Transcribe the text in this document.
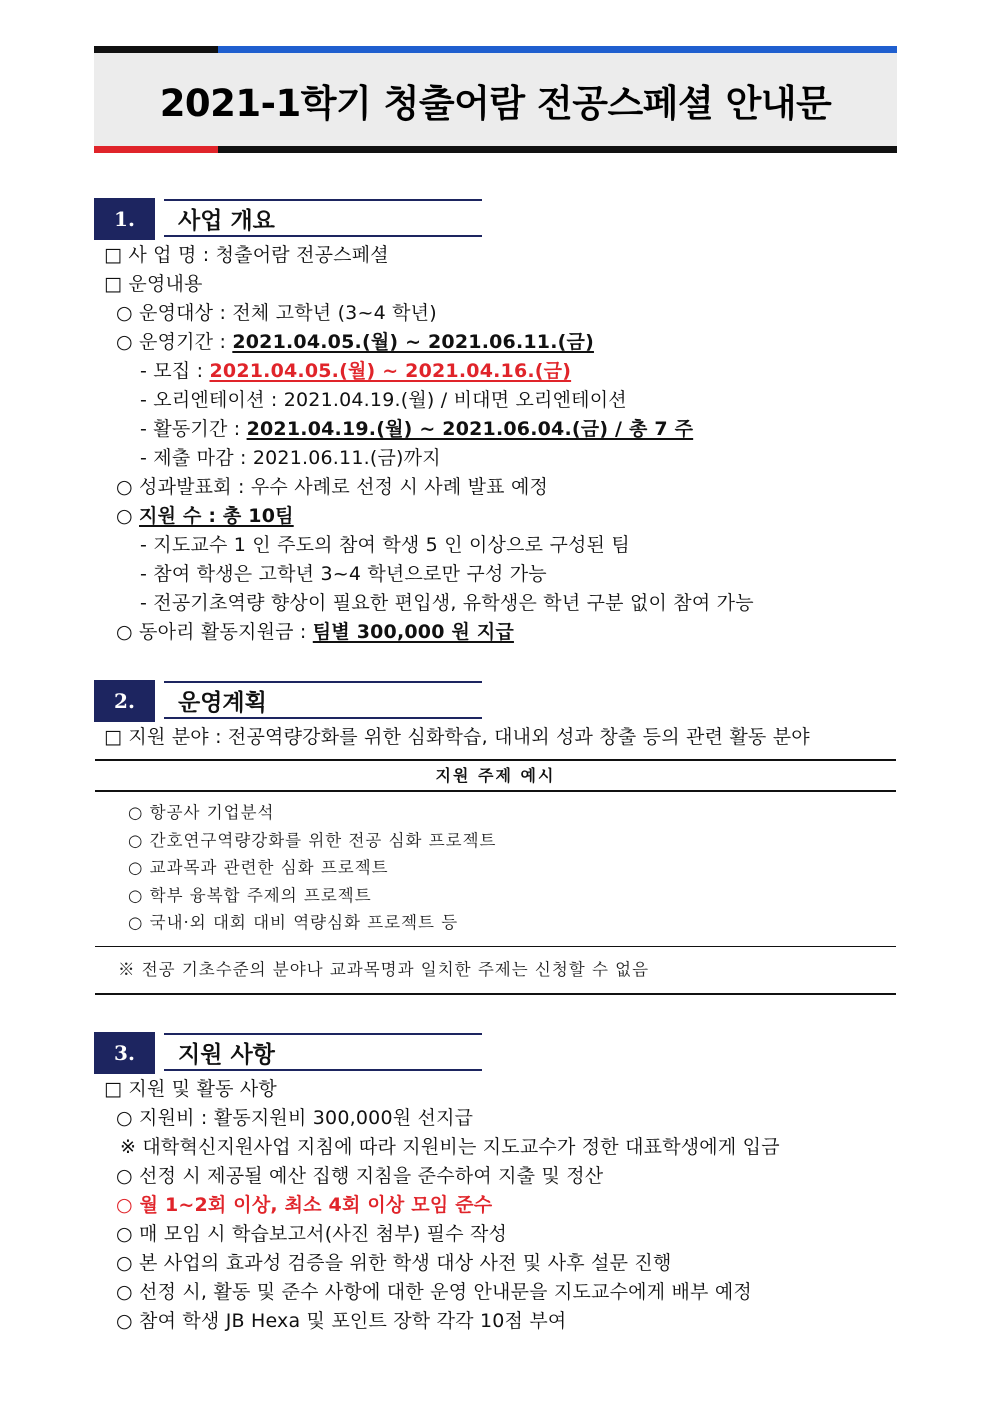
2021-1학기 청출어람 전공스페셜 안내문
1.	사업 개요
□ 사 업 명 : 청출어람 전공스페셜
□ 운영내용
○ 운영대상 : 전체 고학년 (3~4 학년)
○ 운영기간 : 2021.04.05.(월) ~ 2021.06.11.(금)
- 모집 : 2021.04.05.(월) ~ 2021.04.16.(금)
- 오리엔테이션 : 2021.04.19.(월) / 비대면 오리엔테이션
- 활동기간 : 2021.04.19.(월) ~ 2021.06.04.(금) / 총 7 주
- 제출 마감 : 2021.06.11.(금)까지
○ 성과발표회 : 우수 사례로 선정 시 사례 발표 예정
○ 지원 수 : 총 10팀
- 지도교수 1 인 주도의 참여 학생 5 인 이상으로 구성된 팀
- 참여 학생은 고학년 3~4 학년으로만 구성 가능
- 전공기초역량 향상이 필요한 편입생, 유학생은 학년 구분 없이 참여 가능
○ 동아리 활동지원금 : 팀별 300,000 원 지급
2.	운영계획
□ 지원 분야 : 전공역량강화를 위한 심화학습, 대내외 성과 창출 등의 관련 활동 분야
지원 주제 예시
○ 항공사 기업분석
○ 간호연구역량강화를 위한 전공 심화 프로젝트
○ 교과목과 관련한 심화 프로젝트
○ 학부 융복합 주제의 프로젝트
○ 국내·외 대회 대비 역량심화 프로젝트 등
※ 전공 기초수준의 분야나 교과목명과 일치한 주제는 신청할 수 없음
3.	지원 사항
□ 지원 및 활동 사항
○ 지원비 : 활동지원비 300,000원 선지급
※ 대학혁신지원사업 지침에 따라 지원비는 지도교수가 정한 대표학생에게 입금
○ 선정 시 제공될 예산 집행 지침을 준수하여 지출 및 정산
○ 월 1~2회 이상, 최소 4회 이상 모임 준수
○ 매 모임 시 학습보고서(사진 첨부) 필수 작성
○ 본 사업의 효과성 검증을 위한 학생 대상 사전 및 사후 설문 진행
○ 선정 시, 활동 및 준수 사항에 대한 운영 안내문을 지도교수에게 배부 예정
○ 참여 학생 JB Hexa 및 포인트 장학 각각 10점 부여
